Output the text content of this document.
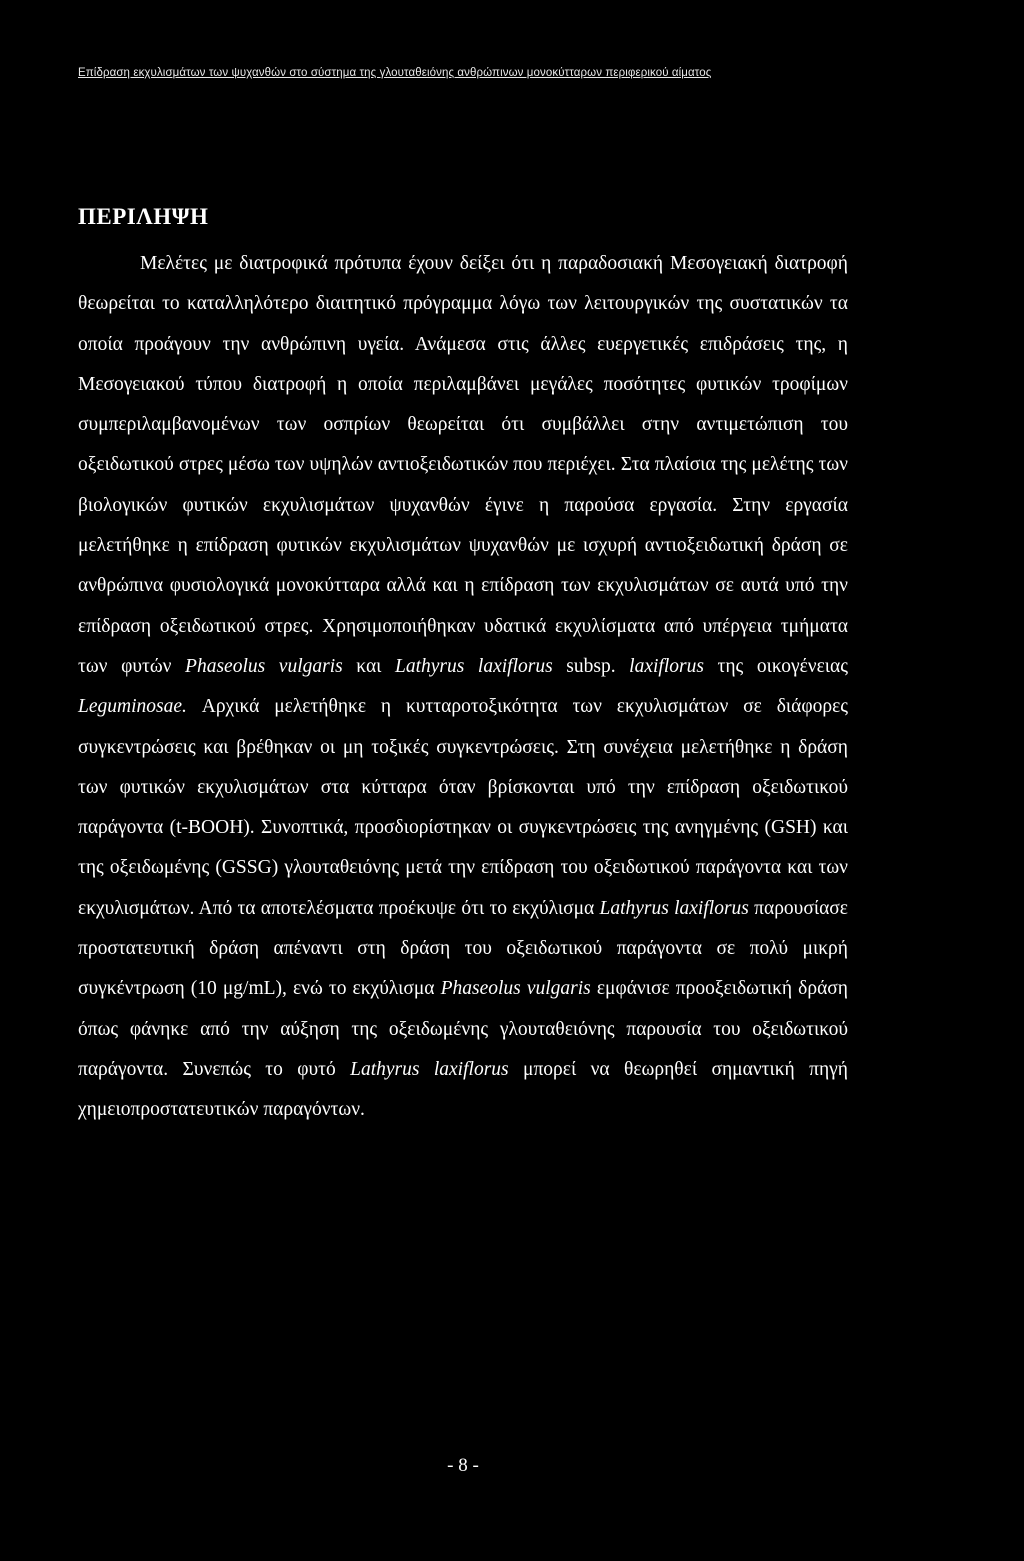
Επίδραση εκχυλισμάτων των ψυχανθών στο σύστημα της γλουταθειόνης ανθρώπινων μονοκύτταρων περιφερικού αίματος
ΠΕΡΙΛΗΨΗ

Μελέτες με διατροφικά πρότυπα έχουν δείξει ότι η παραδοσιακή Μεσογειακή διατροφή θεωρείται το καταλληλότερο διαιτητικό πρόγραμμα λόγω των λειτουργικών της συστατικών τα οποία προάγουν την ανθρώπινη υγεία. Ανάμεσα στις άλλες ευεργετικές επιδράσεις της, η Μεσογειακού τύπου διατροφή η οποία περιλαμβάνει μεγάλες ποσότητες φυτικών τροφίμων συμπεριλαμβανομένων των οσπρίων θεωρείται ότι συμβάλλει στην αντιμετώπιση του οξειδωτικού στρες μέσω των υψηλών αντιοξειδωτικών που περιέχει. Στα πλαίσια της μελέτης των βιολογικών φυτικών εκχυλισμάτων ψυχανθών έγινε η παρούσα εργασία. Στην εργασία μελετήθηκε η επίδραση φυτικών εκχυλισμάτων ψυχανθών με ισχυρή αντιοξειδωτική δράση σε ανθρώπινα φυσιολογικά μονοκύτταρα αλλά και η επίδραση των εκχυλισμάτων σε αυτά υπό την επίδραση οξειδωτικού στρες. Χρησιμοποιήθηκαν υδατικά εκχυλίσματα από υπέργεια τμήματα των φυτών Phaseolus vulgaris και Lathyrus laxiflorus subsp. laxiflorus της οικογένειας Leguminosae. Αρχικά μελετήθηκε η κυτταροτοξικότητα των εκχυλισμάτων σε διάφορες συγκεντρώσεις και βρέθηκαν οι μη τοξικές συγκεντρώσεις. Στη συνέχεια μελετήθηκε η δράση των φυτικών εκχυλισμάτων στα κύτταρα όταν βρίσκονται υπό την επίδραση οξειδωτικού παράγοντα (t-BOOH). Συνοπτικά, προσδιορίστηκαν οι συγκεντρώσεις της ανηγμένης (GSH) και της οξειδωμένης (GSSG) γλουταθειόνης μετά την επίδραση του οξειδωτικού παράγοντα και των εκχυλισμάτων. Από τα αποτελέσματα προέκυψε ότι το εκχύλισμα Lathyrus laxiflorus παρουσίασε προστατευτική δράση απέναντι στη δράση του οξειδωτικού παράγοντα σε πολύ μικρή συγκέντρωση (10 μg/mL), ενώ το εκχύλισμα Phaseolus vulgaris εμφάνισε προοξειδωτική δράση όπως φάνηκε από την αύξηση της οξειδωμένης γλουταθειόνης παρουσία του οξειδωτικού παράγοντα. Συνεπώς το φυτό Lathyrus laxiflorus μπορεί να θεωρηθεί σημαντική πηγή χημειοπροστατευτικών παραγόντων.

- 8 -
